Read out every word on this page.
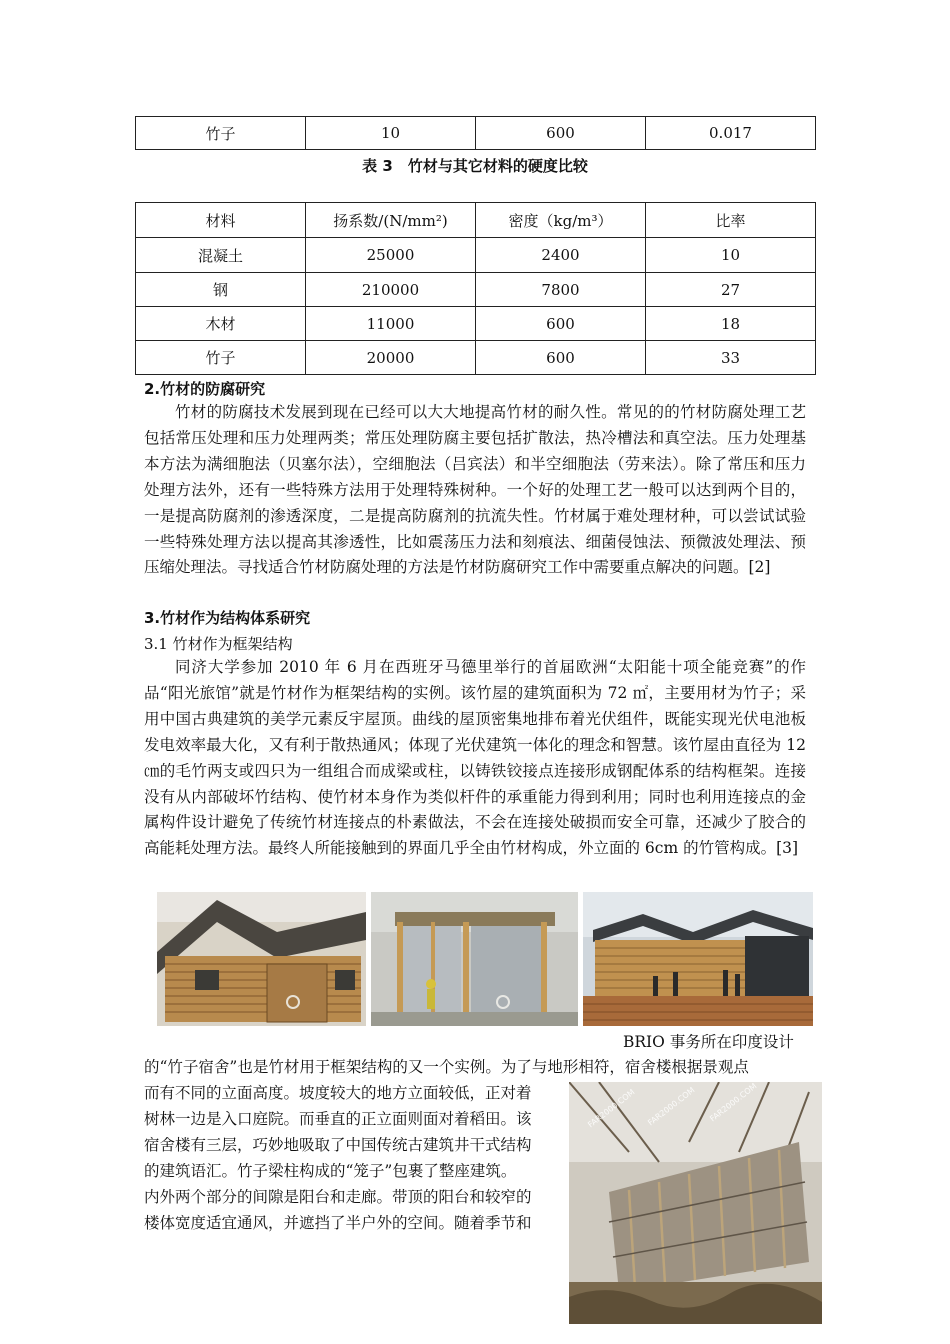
竹子	10	600	0.017
表 3　竹材与其它材料的硬度比较
材料	扬系数/(N/mm²)	密度（kg/m³）	比率
混凝土	25000	2400	10
钢	210000	7800	27
木材	11000	600	18
竹子	20000	600	33
2.竹材的防腐研究
竹材的防腐技术发展到现在已经可以大大地提高竹材的耐久性。常见的的竹材防腐处理工艺包括常压处理和压力处理两类；常压处理防腐主要包括扩散法，热冷槽法和真空法。压力处理基本方法为满细胞法（贝塞尔法），空细胞法（吕宾法）和半空细胞法（劳来法）。除了常压和压力处理方法外，还有一些特殊方法用于处理特殊树种。一个好的处理工艺一般可以达到两个目的，一是提高防腐剂的渗透深度，二是提高防腐剂的抗流失性。竹材属于难处理材种，可以尝试试验一些特殊处理方法以提高其渗透性，比如震荡压力法和刻痕法、细菌侵蚀法、预微波处理法、预压缩处理法。寻找适合竹材防腐处理的方法是竹材防腐研究工作中需要重点解决的问题。[2]
3.竹材作为结构体系研究
3.1 竹材作为框架结构
同济大学参加 2010 年 6 月在西班牙马德里举行的首届欧洲“太阳能十项全能竞赛”的作品“阳光旅馆”就是竹材作为框架结构的实例。该竹屋的建筑面积为 72 ㎡，主要用材为竹子；采用中国古典建筑的美学元素反宇屋顶。曲线的屋顶密集地排布着光伏组件，既能实现光伏电池板发电效率最大化，又有利于散热通风；体现了光伏建筑一体化的理念和智慧。该竹屋由直径为 12 ㎝的毛竹两支或四只为一组组合而成梁或柱，以铸铁铰接点连接形成钢配体系的结构框架。连接没有从内部破坏竹结构、使竹材本身作为类似杆件的承重能力得到利用；同时也利用连接点的金属构件设计避免了传统竹材连接点的朴素做法，不会在连接处破损而安全可靠，还减少了胶合的高能耗处理方法。最终人所能接触到的界面几乎全由竹材构成，外立面的 6cm 的竹管构成。[3]
BRIO 事务所在印度设计
的“竹子宿舍”也是竹材用于框架结构的又一个实例。为了与地形相符，宿舍楼根据景观点
而有不同的立面高度。坡度较大的地方立面较低，正对着
树林一边是入口庭院。而垂直的正立面则面对着稻田。该
宿舍楼有三层，巧妙地吸取了中国传统古建筑井干式结构
的建筑语汇。竹子梁柱构成的“笼子”包裹了整座建筑。
内外两个部分的间隙是阳台和走廊。带顶的阳台和较窄的
楼体宽度适宜通风，并遮挡了半户外的空间。随着季节和
FAR2000.COM FAR2000.COM FAR2000.COM
